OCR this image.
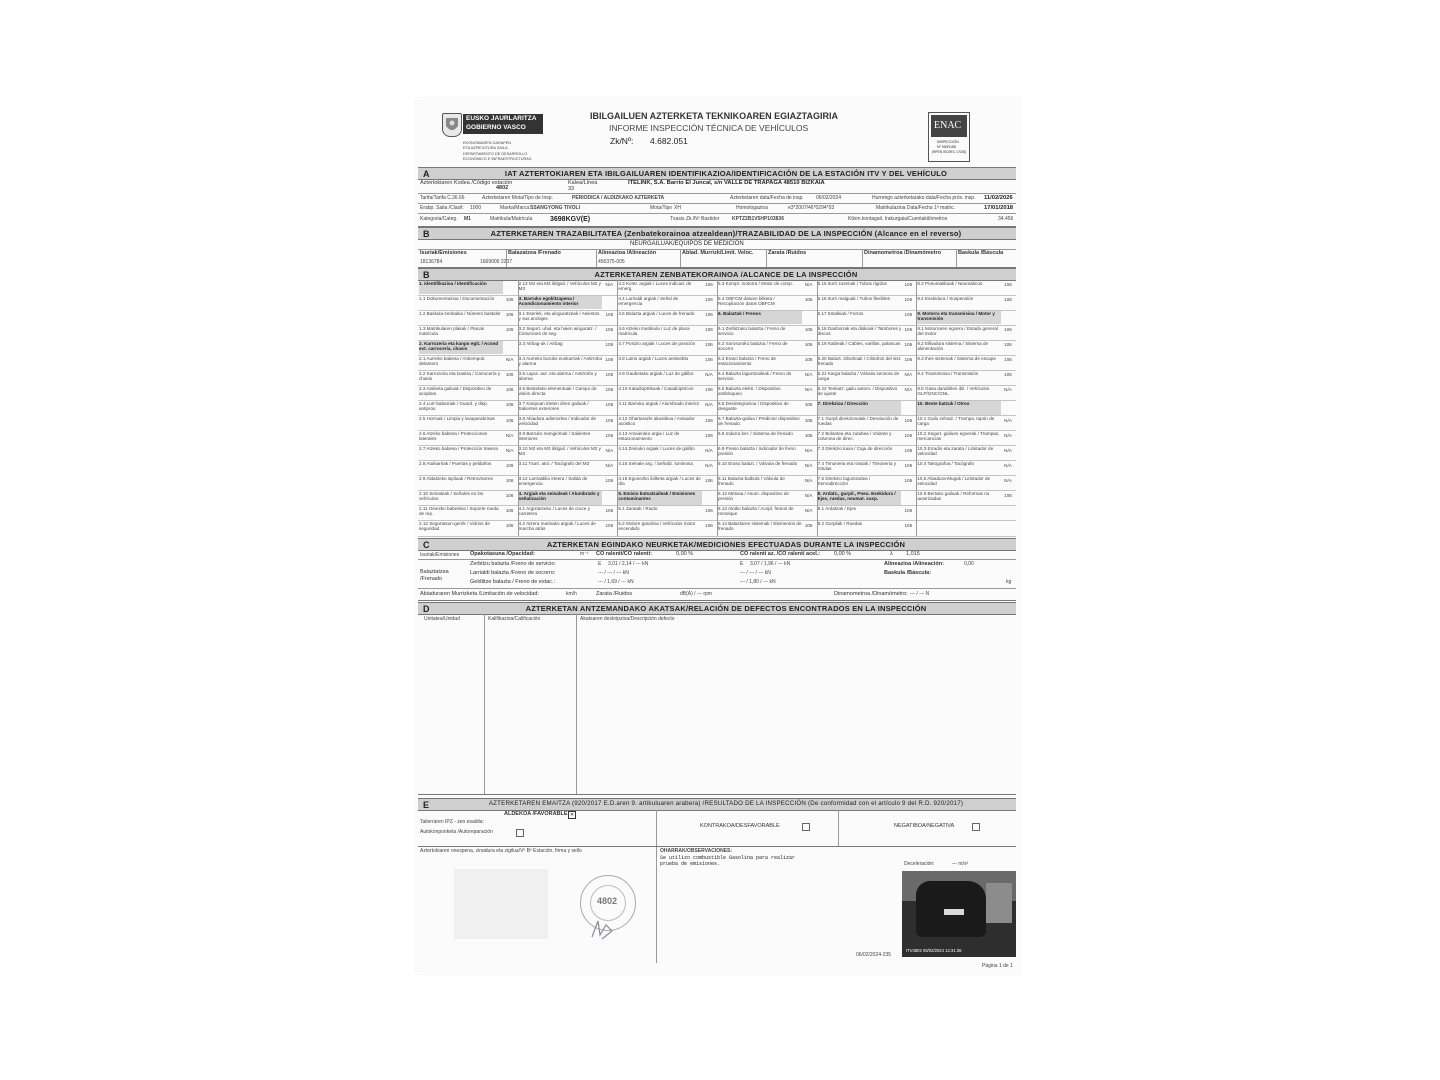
EUSKO JAURLARITZA
GOBIERNO VASCO
EKONOMIAREN GARAPEN
ETA AZPIEGITURA SAILA
DEPARTAMENTO DE DESARROLLO
ECONÓMICO E INFRAESTRUCTURAS
IBILGAILUEN AZTERKETA TEKNIKOAREN EGIAZTAGIRIA
INFORME INSPECCIÓN TÉCNICA DE VEHÍCULOS
Zk/Nº: 4.682.051
ENAC
INSPECCIÓN
Nº 99/EI158
(RFEN ISO/IEC 17020)
A	IAT AZTERTOKIAREN ETA IBILGAILUAREN IDENTIFIKAZIOA/IDENTIFICACIÓN DE LA ESTACIÓN ITV Y DEL VEHÍCULO
Aztertokiaren Kodea /Código estación
4802
Kalea/Línea
33
ITELINK, S.A. Barrio El Juncal, s/n VALLE DE TRAPAGA 48510 BIZKAIA
Tarifa/Tarifa C. 36.66	Azterketaren Mota/Tipo de Insp.	PERIODICA / ALDIZKAKO AZTERKETA	Azterketaren data/Fecha de insp. 06/02/2024	Hurrengo azterketarako data/Fecha próx. insp. 11/02/2026
Erabp. Saila /Clasif. 1000	Marka/Marca SSANGYONG TIVOLI	Mota/Tipo XH	Homologazioa	e3*2007/46*0294*03	Matrikulazioa Data/Fecha 1ª matric.	17/01/2018
Kategoria/Categ. M1	Matrikula/Matrícula	3698KGV(E)	Txasis Zk./Nº Bastidor	KPTZ2B1V5HP103836	Kilom.kontagail. Irakurgaia/Cuentakilómetros	34.456
B	AZTERKETAREN TRAZABILITATEA (Zenbatekorainoa atzealdean)/TRAZABILIDAD DE LA INSPECCIÓN (Alcance en el reverso)
NEURGAILUAK/EQUIPOS DE MEDICIÓN
Isuriak/Emisiones	Balazatzea /Frenado	Alineazioa /Alineación	Ablad. Murrizk/Limit. Veloc.	Zarata /Ruidos	Dinamometroa /Dinamómetro	Baskula /Báscula
18136784	1669009 2237	456375-005
B	AZTERKETAREN ZENBATEKORAINOA /ALCANCE DE LA INSPECCIÓN
1. Identifikazioa / Identificación
1.1 Dokumentazioa / Documentación	106
1.2 Baskula-zenbakia / Número bastidor	106
1.3 Matrikularen plakak / Placas matrícula
106
2. Karrozeria eta kanpo egit. / Acond ext. carrocería, chasis
2.1 Aurreko babesa / Antiempotr. delantero
N/A
2.2 Karrozeria eta txasisa / Carrocería y chasis
106
2.3 Atoiketa gailuak / Dispositivo de acoplam.
106
2.4 Lurr-babarriak / Guard. y disp. antiprov.
106
2.5 Hormak / Limpia y lavaparabrisas	106
2.6 Atzeko babesa / Protecciones laterales
N/A
2.7 Atzeko babesa / Protección trasera	N/A
2.8 Atoikarriak / Puertas y peldaños	106
2.9 Aldatzeko ispiluak / Retrovisores	106
2.10 Seinaleak / Señales en los vehículos
106
2.11 Oinezko babeslea / Soporte rueda de rep.
106
2.12 Segurtasun-gerrik / Vidrios de seguridad
106
2.13 M2 eta M3 ibilgail. / Vehículos M2 y M3
N/A
3. Barruko egokitzapena / Acondicionamiento interior
3.1 Eserlek. eta ainguratzeak / Asientos y sus anclajes
106
3.2 Segurt. uhal. eta haien ainguratz. / Cinturones de seg.
106
3.3 Airbag-ak / Airbag	106
3.4 Aurreko buruko euskarriak / Antirrobo y alarma
106
3.5 Lapur. aur. eta alarma / Antirrobo y alarma
106
3.6 Bestelako elementuak / Campo de visión directa
106
3.7 Kanpoan irteten diren gailuak / Salientes exteriores
106
3.8 Abiadura adierazlea / Indicador de velocidad
106
3.9 Barruko mengirimak / Salientes interiores
106
3.10 M2 eta M3 ibilgail. / Vehículos M2 y M3
N/A
3.11 Txart. atoi. / Tacógrafo del M3	N/A
3.12 Larrialdiko irteera / Salida de emergencia
106
4. Argiak eta seinaleak / Alumbrado y señalización
4.1 Argiztatzeko / Luces de cruce y carretera
106
4.2 Atzera martxako argiak / Luces de marcha atrás
106
4.3 Kontr. argiak / Luces indicad. de emerg.
106
4.4 Larrialdi argiak / Señal de emergencia
106
4.5 Balazta argiak / Luces de frenado	106
4.6 Atzeko matrikula / Luz de placa matrícula
106
4.7 Posizio argiak / Luces de posición	106
4.8 Laino argiak / Luces antiniebla	106
4.9 Gaubetako argiak / Luz de gálibo	N/A
4.10 Katadioptrikoak / Catadióptricos	106
4.11 Barruko argiak / Alumbrado interior	N/A
4.12 Ohartarazle akustikoa / Avisador acústico
106
4.13 Amaierako argia / Luz de estacionamiento
106
4.14 Zeinuko argiak / Luces de gálibo	N/A
4.15 Seinale arg. / Señaliz. luminosa	N/A
4.16 Egunezko ibilketa argiak / Luces de día
106
5. Emisio kutsatzaileak / Emisiones contaminantes
5.1 Zaratak / Ruido	106
5.2 Motore gasolina / Vehículos motor encendido
106
5.3 Kompr. motorra / Motor de comp.	N/A
5.4 OBFCM datuen bilketa / Recopilación datos OBFCM
106
6. Balaztak / Frenos
6.1 Zerbitzuko balazta / Freno de servicio
106
6.2 Sorosoroko balazta / Freno de socorro
106
6.3 Eraso balazta / Freno de estacionamiento
106
6.4 Balazta laguntzaileak / Freno de servicio
N/A
6.5 Balazta elektr. / Dispositivo antibloqueo
N/A
6.6 Desintegrazioa / Dispositivo de desgaste
106
6.7 Balazta-gailua / Predictor dispositivo de frenado
106
6.8 Indarra ber. / Sistema de frenado	106
6.9 Presio balazta / Indicador de freno presión
N/A
6.10 Eraso balazt. / Válvula de frenado	N/A
6.11 Balazta-balbula / Válvula de frenado
N/A
6.12 Metxaa / Asum. dispositivo de presión
N/A
6.13 Atoiko balazta / Acopl. frenos de remolque
N/A
6.14 Balaztaren sistemak / Elementos de frenado
106
6.15 Iturri zuzenak / Tubos rígidos	106
6.16 Iturri malguak / Tubos flexibles	106
6.17 Estalkiak / Forros	106
6.18 Danborrak eta diskoak / Tambores y discos
106
6.19 Kableak / Cables, varillas, palancas 106
6.20 Balazt. zilindroak / Cilindros del sist. frenado
106
6.21 Karga balazta / Válvula sensora de carga
N/A
6.22 Tenkatz. gailu autom. / Dispositivo de ajuste
N/A
7. Direkzioa / Dirección
7.1 Gurpil direkzionalak / Desviación de ruedas
106
7.2 Bolantea eta zutabea / Volante y columna de direc.
106
7.3 Direkzio kaxa / Caja de dirección	106
7.4 Timoneria eta rotulak / Timonería y rótulas
106
7.5 Direkzio laguntzailea / Servodirección
106
8. Ardatz., gurpil., Pneu. Esekidura / Ejes, ruedas, neumat. susp.
8.1 Ardatzak / Ejes	106
8.2 Gurpilak / Ruedas	106
8.3 Pneumatikoak / Neumáticos	106
8.4 Esekidura / Suspensión	106
9. Motorra eta transmisioa / Motor y transmisión
9.1 Motorraren egoera / Estado general del motor
106
9.2 Elikadura sistema / Sistema de alimentación
106
9.3 Ihes sistemak / Sistema de escape	106
9.4 Transmisioa / Transmisión	106
9.5 Gasa darabilten ibil. / Vehículos GLP/GNC/GNL
N/A
10. Beste batzuk / Otros
10.1 Gailu zehatz. / Trampa, tapón de carga
N/A
10.2 Segurt. gailuen egoerak / Trampas, mercancías
N/A
10.3 Erradio eta zarata / Limitador de velocidad
N/A
10.4 Takografoa / Tacógrafo	N/A
10.5 Abiadura-Mugak / Limitador de velocidad
N/A
10.6 Bertako gailuak / Reformas no autorizadas
106
C	AZTERKETAN EGINDAKO NEURKETAK/MEDICIONES EFECTUADAS DURANTE LA INSPECCIÓN
Isuriak/Emisiones Opakotasuna /Opacidad:	m⁻¹ CO ralenti/CO ralentí:	0,00 %	CO ralenti az. /CO ralentí acel.:	0,00 %	λ 1,015
Balaztatzea /Frenado
Zerbitzu balazta /Freno de servicio:	E 3,01 / 2,14 / --- kN	E 3,07 / 1,96 / --- kN	Alineazioa /Alineación:	0,00
Larrialdi balazta /Freno de socorro:	--- / --- / --- kN	--- / --- / --- kN	Baskula /Báscula:
Geldiitze balazta / Freno de estac.:	--- / 1,69 / --- kN	--- / 1,80 / --- kN	kg
Abiaduraren Murrizketa /Limitación de velocidad:	km/h	Zarata /Ruidos	dB(A) / --- rpm	Dinamometroa /Dinamómetro: --- / --- N
D	AZTERKETAN ANTZEMANDAKO AKATSAK/RELACIÓN DE DEFECTOS ENCONTRADOS EN LA INSPECCIÓN
Unitatea/Unidad	Kalifikazioa/Calificación	Akatsaren deskripzioa/Descripción defecto
E	AZTERKETAREN EMAITZA (920/2017 E.D.aren 9. artikuluaren arabera) /RESULTADO DE LA INSPECCIÓN (De conformidad con el artículo 9 del R.D. 920/2017)
ALDEKOA /FAVORABLE ✕
Tailerraren IPZ - zen esaldia:
Autokonponketa /Autoreparación
KONTRAKOA/DESFAVORABLE	NEGATIBOA/NEGATIVA
Aztertokiaren onespena, zinadura eta zigilua/Vº Bº Estación, firma y sello
4802
OHARRAK/OBSERVACIONES:
Se utilizo combustible Gasolina para realizar
prueba de emisiones.	Deceleración:	--- m/s²
ITV4802 06/02/2024 12:31:36
06/02/2024-235
Página 1 de 1
